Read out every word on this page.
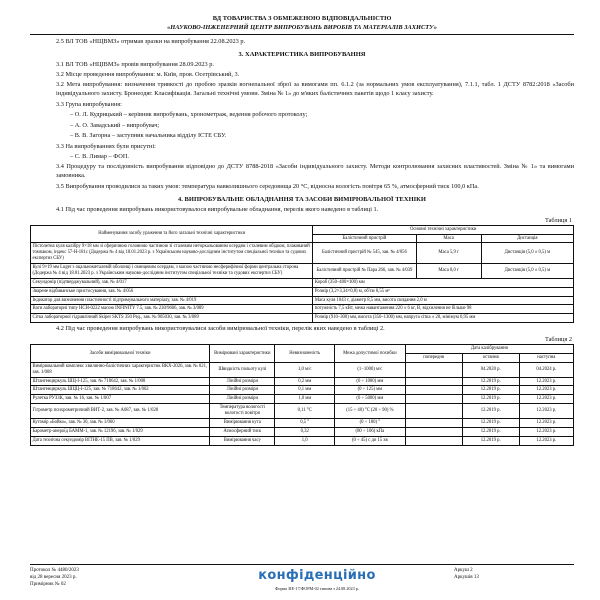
ВД ТОВАРИСТВА З ОБМЕЖЕНОЮ ВІДПОВІДАЛЬНІСТЮ
«НАУКОВО-ІНЖЕНЕРНИЙ ЦЕНТР ВИПРОБУВАНЬ ВИРОБІВ ТА МАТЕРІАЛІВ ЗАХИСТУ»

2.5 ВЛ ТОВ «НЩВМЗ» отримав зразки на випробування 22.08.2023 р.

3. ХАРАКТЕРИСТИКА ВИПРОБУВАННЯ

3.1 ВЛ ТОВ «НЦІВМЗ» провів випробування 28.09.2023 р.

3.2 Місце проведення випробування: м. Київ, пров. Осетрівський, 3.

3.2 Мета випробування: визначення тривкості до пробою зразків вогнепальної зброї за вимогами пп. 6.1.2 (за нормальних умов експлуатування), 7.1.1, табл. 1 ДСТУ 8782:2018 «Засоби індивідуального захисту. Бронеодяг. Класифікація. Загальні технічні умови. Зміна № 1» до м'яких балістичних пакетів щодо 1 класу захисту.

3.3 Група випробування:

– О. Л. Кудрицький – керівник випробувань, хронометраж, ведення робочого протоколу;

– А. О. Завадський – випробувач;

– В. В. Загорна – заступник начальника відділу ІСТЕ СБУ.

3.3 На випробуваннях були присутні:

– С. В. Лимар – ФОП.

3.4 Процедуру та послідовність випробування відповідно до ДСТУ 8788-2018 «Засоби індивідуального захисту. Методи контролювання захисних властивостей. Зміна № 1» та вимогами замовника.

3.5 Випробування проводилися за таких умов: температура навколишнього середовища 20 °С, відносна вологість повітря 65 %, атмосферний тиск 100,0 кПа.

4. ВИПРОБУВАЛЬНЕ ОБЛАДНАННЯ ТА ЗАСОБИ ВИМІРЮВАЛЬНОЇ ТЕХНІКИ

4.1 Під час проведення випробувань використовувалося випробувальне обладнання, перелік якого наведено в таблиці 1.

Таблиця 1
Найменування засобу ураження та його загальні технічні характеристики	Основні технічні характеристики		
	Балістичний пристрій	Маса	Дистанція
Пістолетна куля калібру 9×18 мм зі сферичною головною частиною зі сталевим неторкальованим осердям і сталевим обідком, плакований томпаком, індекс 57-Н-181с (Додержа № 4 від 18.01.2023 р. з Українським науково-дослідним інститутом спеціальної техніки та судових експертиз СБУ)	Балістичний пристрій № 545, зав. № 4/056	Маса 5,9 г	Дистанція (5,0 ± 0,5) м
Кулі 9×19 мм Luger з оцальнометалевій оболонці і свинцевим осердям, з масою частиною несферифічної форми центральна сторона (Додержа № 4 від 18.01.2023 р. з Українським науково-дослідним інститутом спеціальної техніки та судових експертиз СБУ)	Балістичний пристрій № Пара 266, зав. № 4/039	Маса 8,0 г	Дистанція (5,0 ± 0,5) м
Секундомір (підтверджувальний), зав. № 4/017	Короб (350–400×100) мм		
Зварене відбиванське пристосування, зав. № 4/056	Розмір (3,2×3,34×0,8) м, об'єм 8,55 м²		
Індикатор для визначення пластичності підтримувального матеріалу, зав. № 4/019	Маса куля 1043 г, діаметр 8,5 мм, висота скидання 2,0 м		
Ваги лабораторні типу НСН-0222 масою INFINITY 7.5, зав. № 230/9606, зав. № 3/089	потужність 7,5 кВт, межа навантаження 220 ± 6 кг, В, відхилення не більше 98		
Сітка лабораторної гідравлічний Skiper SKTS 350 Ред., зав. № 905030, зав. № 3/089	Розмір (910–300) мм, висота (350–1300) мм, напруга сітка ± 20, мінімум 0,95 мм		

4.2 Під час проведення випробувань використовувалися засоби вимірювальної техніки, перелік яких наведено в таблиці 2.

Таблиця 2
Засоби вимірювальної техніки	Вимірювані характеристики	Невизначеність	Межа допустимої похибки	Дата калібрування		
				попередня	остання	наступна
Вимірювальний комплекс хвилинно-балістичних характеристик ВКХ-2026, зав. № 021, зав. 1/008	Швидкість польоту кулі	1,0 м/с	(1−1000) м/с		04.2020 р.	04.2024 р.
Штангенциркуль ШЦ-I-125, зав. № 718642, зав. № 1/008	Лінійні розміри	0,2 мм	(0 ÷ 1000) мм		12.2019 р.	12.2023 р.
Штангенциркуль ШЦЦ-I-125, зав. № 718642, зав. № 1/002	Лінійні розміри	0,1 мм	(0 ÷ 125) мм		12.2019 р.	12.2023 р.
Рулетка РУЗЗК, зав. № 16, зав. № 1/007	Лінійні розміри	1,0 мм	(0 ÷ 5000) мм		12.2019 р.	12.2023 р.
Гігрометр психрометричний ВИТ-2, зав. № А687, зав. № 1/028	Температура вологості вологості повітря	0,11 °С	(15 ÷ 40) °С (20 ÷ 90) %		12.2019 р.	12.2023 р.
Кутомір «Бойко», зав. № 30, зав. № 1/060	Вимірювання кута	0,5 °	(0 ÷ 180) °		12.2019 р.	12.2023 р.
Барометр-анероїд БАММ-1, зав. № 12196, зав. № 1/029	Атмосферний тиск	0,32	(80 ÷ 106) кПа		12.2019 р.	12.2023 р.
Дата технічна секундомір ВІТНЕ-15 ПВ, зав. № 1/029	Вимірювання часу	1,0	(0 ÷ 45) с до 15 хв		12.2019 р.	12.2023 р.
Протокол № 4480/2023
від 28 вересня 2023 р.
Примірник № 02
конфіденційно
Форма ЗІЕ-17/ФОРМ-02 типова з 24.08.2023 р.
Аркуш 2
Аркушів 13
